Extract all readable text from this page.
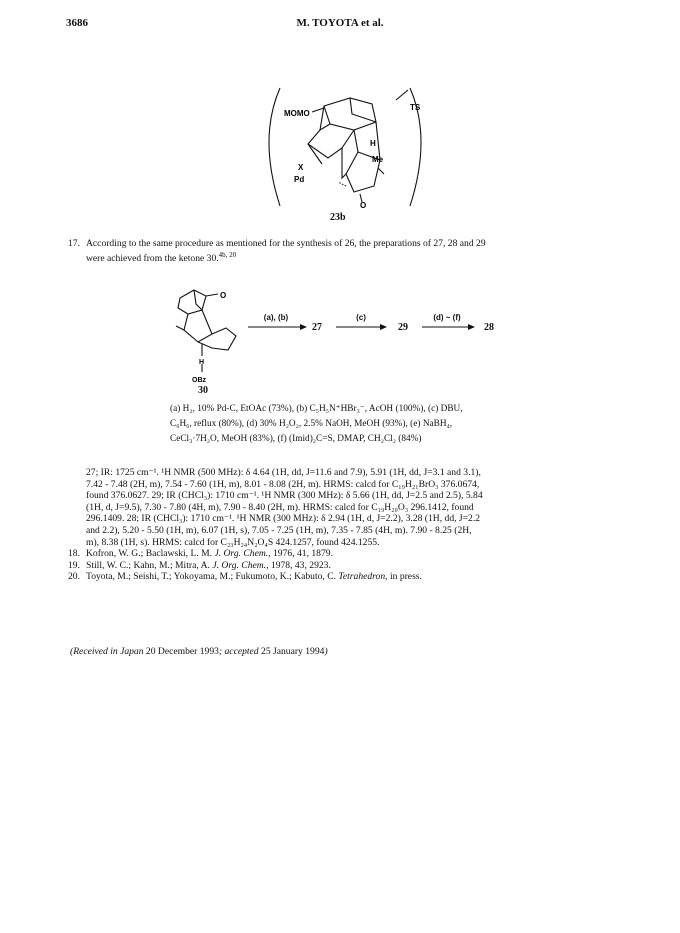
3686	M. TOYOTA et al.
MOMO
H
Me
X
Pd
O
TS
23b

17. According to the same procedure as mentioned for the synthesis of 26, the preparations of 27, 28 and 29

were achieved from the ketone 30.$^{4b, 20}$

O
H
OBz
30
(a), (b)
27
(c)
29
(d) ~ (f)
28
(a) H₂, 10% Pd-C, EtOAc (73%), (b) C₅H₅N⁺HBr₃⁻, AcOH (100%), (c) DBU,
C₆H₆, reflux (80%), (d) 30% H₂O₂, 2.5% NaOH, MeOH (93%), (e) NaBH₄,
CeCl₃·7H₂O, MeOH (83%), (f) (Imid)₂C=S, DMAP, CH₂Cl₂ (84%)

27; IR: 1725 cm⁻¹. ¹H NMR (500 MHz): δ 4.64 (1H, dd, J=11.6 and 7.9), 5.91 (1H, dd, J=3.1 and 3.1),

7.42 - 7.48 (2H, m), 7.54 - 7.60 (1H, m), 8.01 - 8.08 (2H, m). HRMS: calcd for C₁₉H₂₁BrO₃ 376.0674,

found 376.0627. 29; IR (CHCl₃): 1710 cm⁻¹. ¹H NMR (300 MHz): δ 5.66 (1H, dd, J=2.5 and 2.5), 5.84

(1H, d, J=9.5), 7.30 - 7.80 (4H, m), 7.90 - 8.40 (2H, m). HRMS: calcd for C₁₉H₂₀O₃ 296.1412, found

296.1409. 28; IR (CHCl₃): 1710 cm⁻¹. ¹H NMR (300 MHz): δ 2.94 (1H, d, J=2.2), 3.28 (1H, dd, J=2.2

and 2.2), 5.20 - 5.50 (1H, m), 6.07 (1H, s), 7.05 - 7.25 (1H, m), 7.35 - 7.85 (4H, m). 7.90 - 8.25 (2H,

m), 8.38 (1H, s). HRMS: calcd for C₂₃H₂₄N₂O₄S 424.1257, found 424.1255.

18. Kofron, W. G.; Baclawski, L. M. J. Org. Chem., 1976, 41, 1879.

19. Still, W. C.; Kahn, M.; Mitra, A. J. Org. Chem., 1978, 43, 2923.

20. Toyota, M.; Seishi, T.; Yokoyama, M.; Fukumoto, K.; Kabuto, C. Tetrahedron, in press.

(Received in Japan 20 December 1993; accepted 25 January 1994)
